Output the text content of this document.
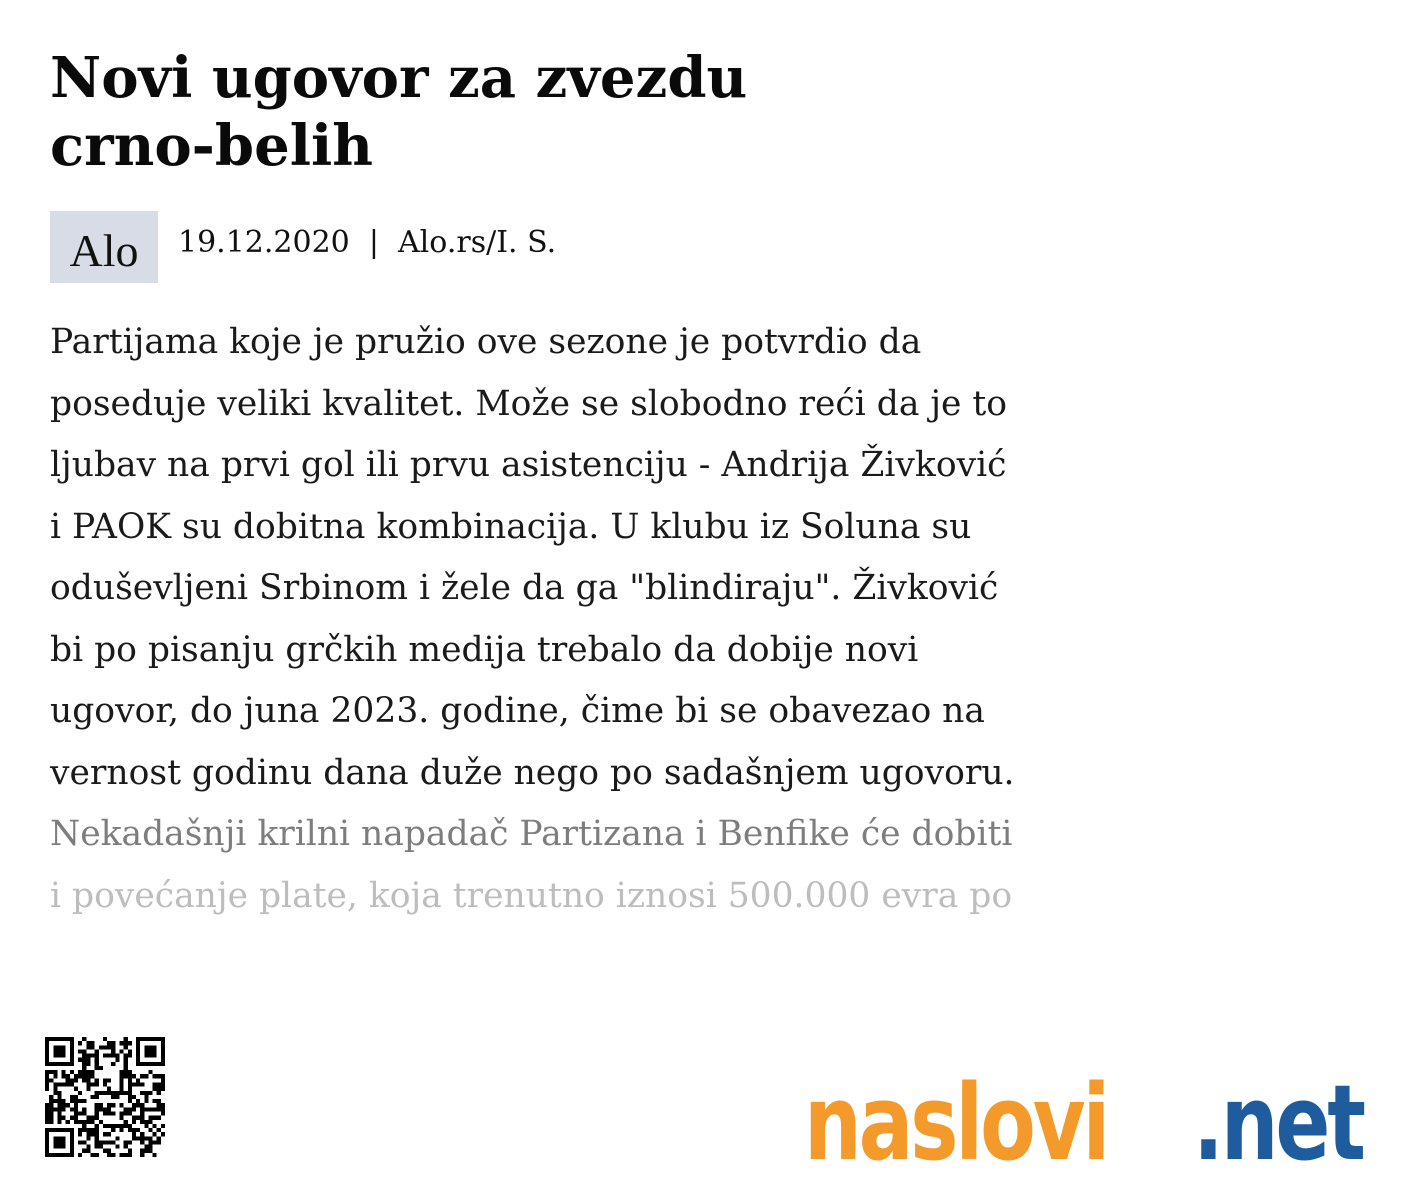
Novi ugovor za zvezdu
crno-belih
Alo	19.12.2020  |  Alo.rs/I. S.
Partijama koje je pružio ove sezone je potvrdio da
poseduje veliki kvalitet. Može se slobodno reći da je to
ljubav na prvi gol ili prvu asistenciju - Andrija Živković
i PAOK su dobitna kombinacija. U klubu iz Soluna su
oduševljeni Srbinom i žele da ga "blindiraju". Živković
bi po pisanju grčkih medija trebalo da dobije novi
ugovor, do juna 2023. godine, čime bi se obavezao na
vernost godinu dana duže nego po sadašnjem ugovoru.
Nekadašnji krilni napadač Partizana i Benfike će dobiti
i povećanje plate, koja trenutno iznosi 500.000 evra po
naslovi .net
